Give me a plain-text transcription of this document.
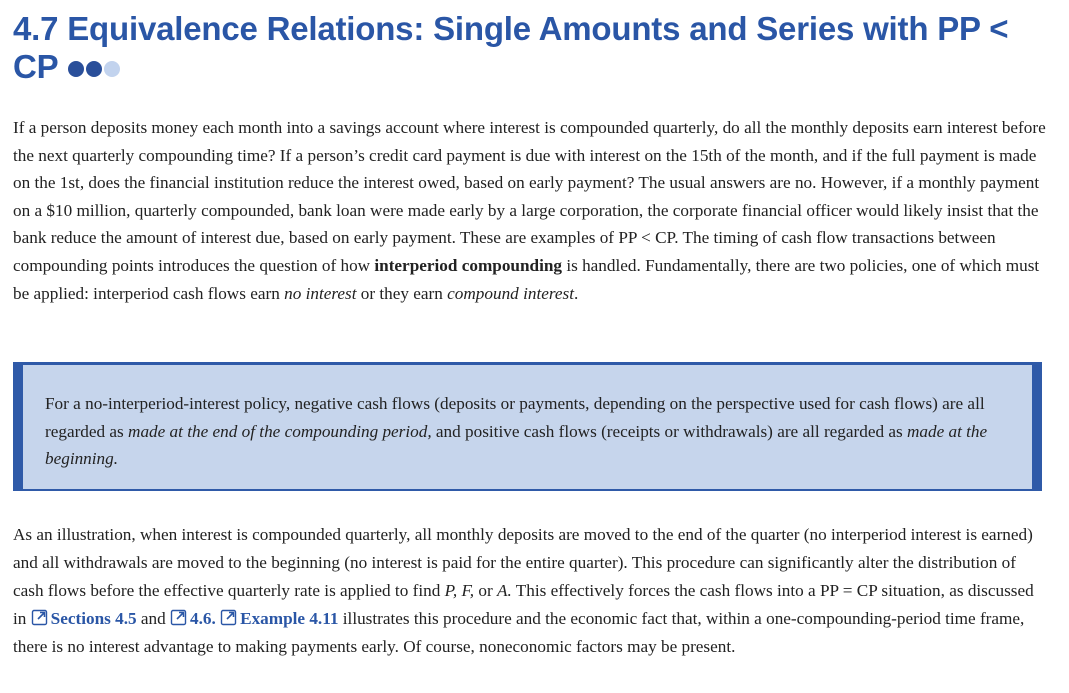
4.7 Equivalence Relations: Single Amounts and Series with PP < CP

If a person deposits money each month into a savings account where interest is compounded quarterly, do all the monthly deposits earn interest before the next quarterly compounding time? If a person’s credit card payment is due with interest on the 15th of the month, and if the full payment is made on the 1st, does the financial institution reduce the interest owed, based on early payment? The usual answers are no. However, if a monthly payment on a $10 million, quarterly compounded, bank loan were made early by a large corporation, the corporate financial officer would likely insist that the bank reduce the amount of interest due, based on early payment. These are examples of PP < CP. The timing of cash flow transactions between compounding points introduces the question of how interperiod compounding is handled. Fundamentally, there are two policies, one of which must be applied: interperiod cash flows earn no interest or they earn compound interest.

For a no-interperiod-interest policy, negative cash flows (deposits or payments, depending on the perspective used for cash flows) are all regarded as made at the end of the compounding period, and positive cash flows (receipts or withdrawals) are all regarded as made at the beginning.

As an illustration, when interest is compounded quarterly, all monthly deposits are moved to the end of the quarter (no interperiod interest is earned) and all withdrawals are moved to the beginning (no interest is paid for the entire quarter). This procedure can significantly alter the distribution of cash flows before the effective quarterly rate is applied to find P, F, or A. This effectively forces the cash flows into a PP = CP situation, as discussed in Sections 4.5 and 4.6. Example 4.11 illustrates this procedure and the economic fact that, within a one-compounding-period time frame, there is no interest advantage to making payments early. Of course, noneconomic factors may be present.
